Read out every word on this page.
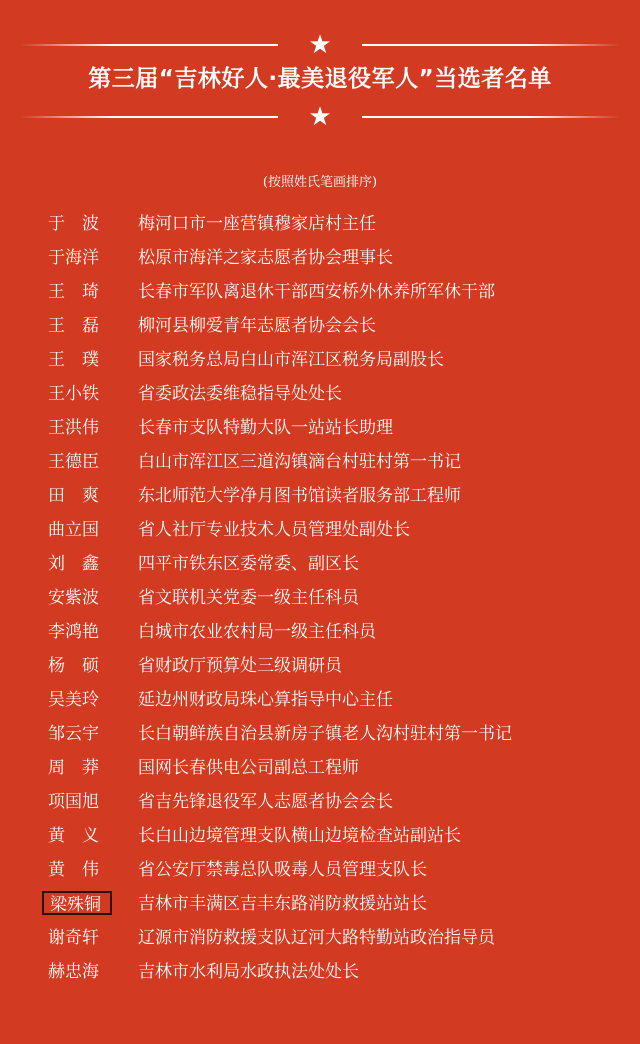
★
第三届“吉林好人·最美退役军人”当选者名单
★
(按照姓氏笔画排序)
于　波	梅河口市一座营镇穆家店村主任
于海洋	松原市海洋之家志愿者协会理事长
王　琦	长春市军队离退休干部西安桥外休养所军休干部
王　磊	柳河县柳爱青年志愿者协会会长
王　璞	国家税务总局白山市浑江区税务局副股长
王小铁	省委政法委维稳指导处处长
王洪伟	长春市支队特勤大队一站站长助理
王德臣	白山市浑江区三道沟镇滴台村驻村第一书记
田　爽	东北师范大学净月图书馆读者服务部工程师
曲立国	省人社厅专业技术人员管理处副处长
刘　鑫	四平市铁东区委常委、副区长
安紫波	省文联机关党委一级主任科员
李鸿艳	白城市农业农村局一级主任科员
杨　硕	省财政厅预算处三级调研员
吴美玲	延边州财政局珠心算指导中心主任
邹云宇	长白朝鲜族自治县新房子镇老人沟村驻村第一书记
周　莽	国网长春供电公司副总工程师
项国旭	省吉先锋退役军人志愿者协会会长
黄　义	长白山边境管理支队横山边境检查站副站长
黄　伟	省公安厅禁毒总队吸毒人员管理支队长
梁殊铜	吉林市丰满区吉丰东路消防救援站站长
谢奇轩	辽源市消防救援支队辽河大路特勤站政治指导员
赫忠海	吉林市水利局水政执法处处长
